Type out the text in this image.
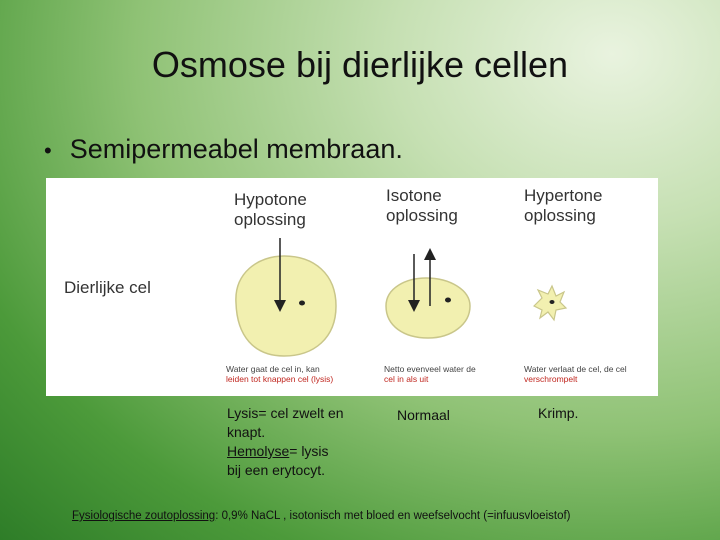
Osmose bij dierlijke cellen
• Semipermeabel membraan.
Hypotone
oplossing
Isotone
oplossing
Hypertone
oplossing
Dierlijke cel
Water gaat de cel in, kan
leiden tot knappen cel (lysis)
Netto evenveel water de
cel in als uit
Water verlaat de cel, de cel
verschrompelt
Lysis= cel zwelt en
knapt.
Hemolyse= lysis
bij een erytocyt.
Normaal	Krimp.
Fysiologische zoutoplossing: 0,9% NaCL , isotonisch met bloed en weefselvocht (=infuusvloeistof)
